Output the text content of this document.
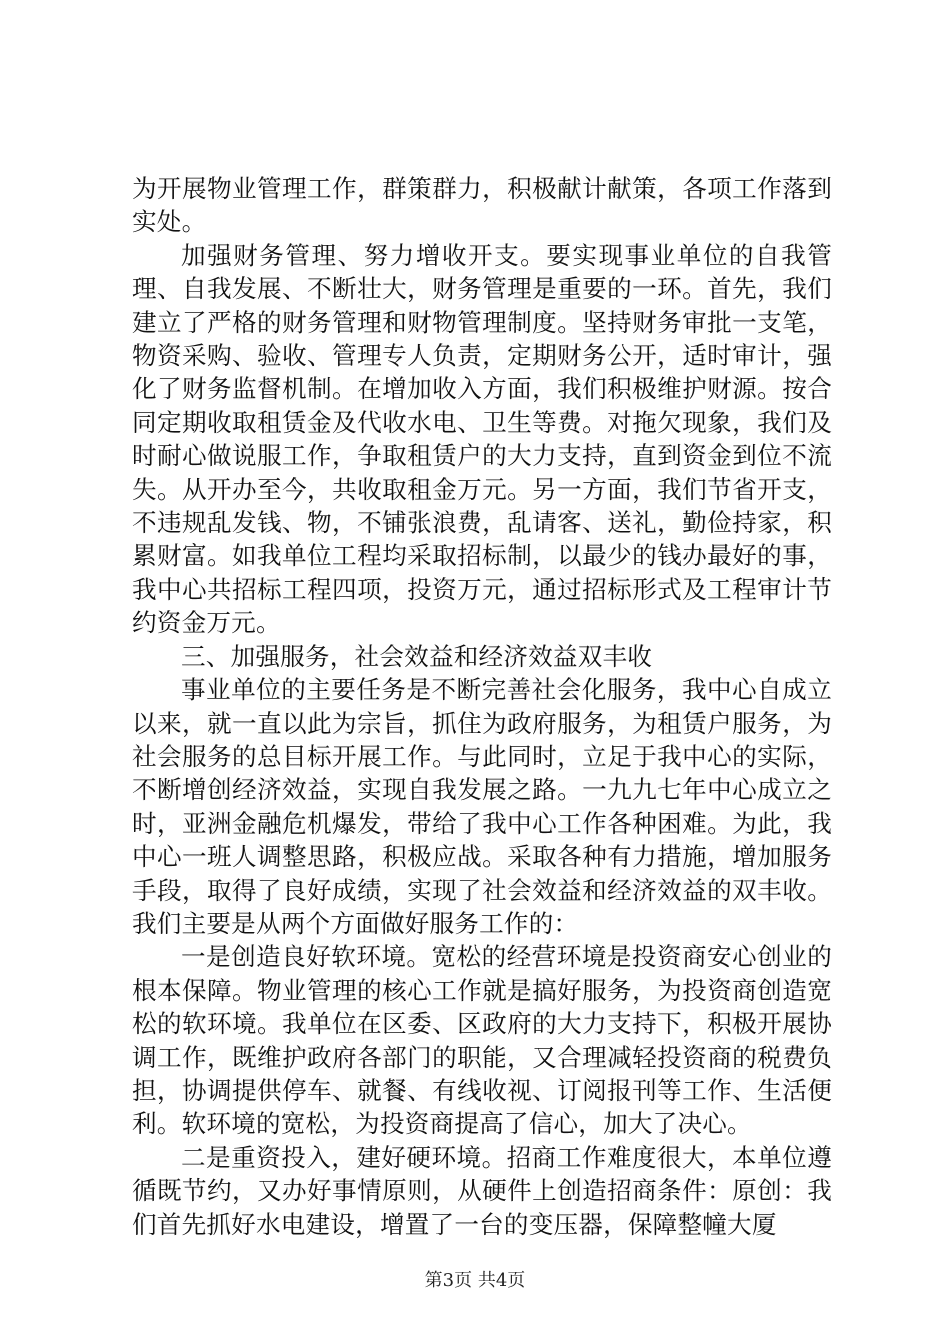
为开展物业管理工作，群策群力，积极献计献策，各项工作落到实处。

加强财务管理、努力增收开支。要实现事业单位的自我管理、自我发展、不断壮大，财务管理是重要的一环。首先，我们建立了严格的财务管理和财物管理制度。坚持财务审批一支笔，物资采购、验收、管理专人负责，定期财务公开，适时审计，强化了财务监督机制。在增加收入方面，我们积极维护财源。按合同定期收取租赁金及代收水电、卫生等费。对拖欠现象，我们及时耐心做说服工作，争取租赁户的大力支持，直到资金到位不流失。从开办至今，共收取租金万元。另一方面，我们节省开支，不违规乱发钱、物，不铺张浪费，乱请客、送礼，勤俭持家，积累财富。如我单位工程均采取招标制，以最少的钱办最好的事，我中心共招标工程四项，投资万元，通过招标形式及工程审计节约资金万元。

三、加强服务，社会效益和经济效益双丰收

事业单位的主要任务是不断完善社会化服务，我中心自成立以来，就一直以此为宗旨，抓住为政府服务，为租赁户服务，为社会服务的总目标开展工作。与此同时，立足于我中心的实际，不断增创经济效益，实现自我发展之路。一九九七年中心成立之时，亚洲金融危机爆发，带给了我中心工作各种困难。为此，我中心一班人调整思路，积极应战。采取各种有力措施，增加服务手段，取得了良好成绩，实现了社会效益和经济效益的双丰收。我们主要是从两个方面做好服务工作的：

一是创造良好软环境。宽松的经营环境是投资商安心创业的根本保障。物业管理的核心工作就是搞好服务，为投资商创造宽松的软环境。我单位在区委、区政府的大力支持下，积极开展协调工作，既维护政府各部门的职能，又合理减轻投资商的税费负担，协调提供停车、就餐、有线收视、订阅报刊等工作、生活便利。软环境的宽松，为投资商提高了信心，加大了决心。

二是重资投入，建好硬环境。招商工作难度很大，本单位遵循既节约，又办好事情原则，从硬件上创造招商条件：原创：我们首先抓好水电建设，增置了一台的变压器，保障整幢大厦

第3页 共4页
